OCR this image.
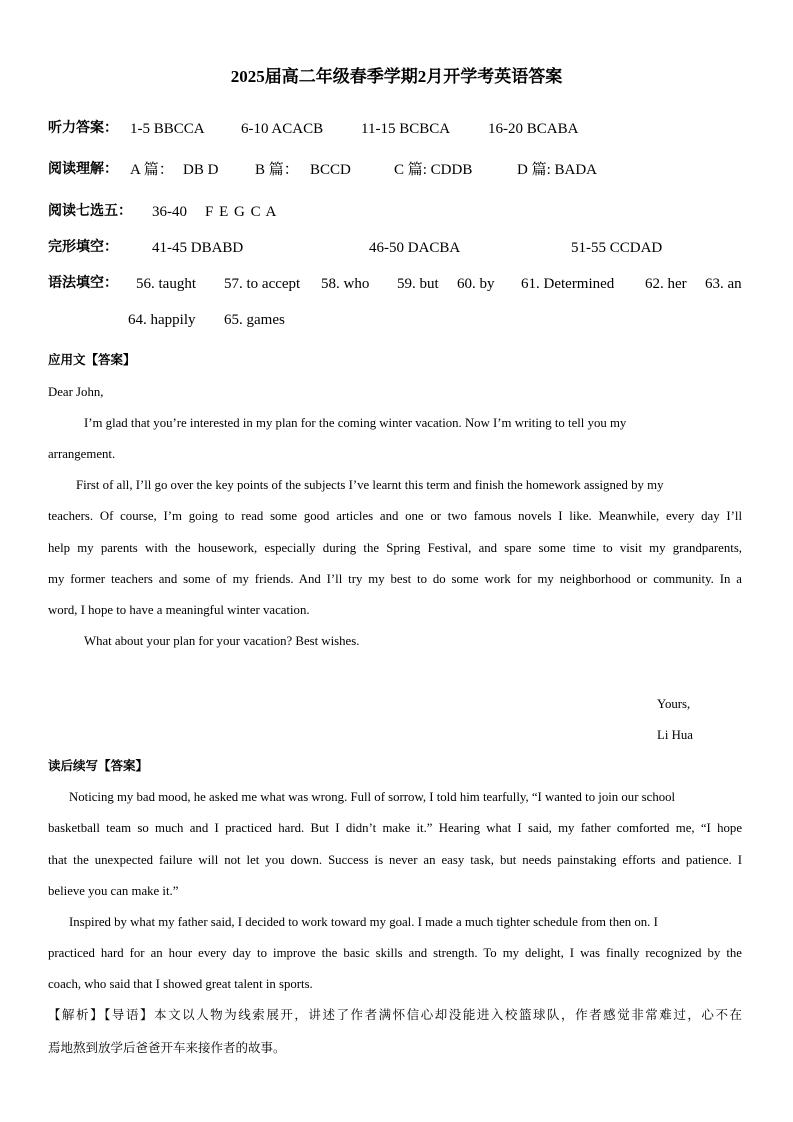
2025届高二年级春季学期2月开学考英语答案
听力答案： 1-5 BBCCA 6-10 ACACB	11-15 BCBCA	16-20 BCABA
阅读理解： A 篇： DB D B 篇： BCCD	C 篇: CDDB	D 篇: BADA
阅读七选五： 36-40 F E G C A
完形填空： 41-45 DBABD	46-50 DACBA	51-55 CCDAD
语法填空： 56. taught 57. to accept 58. who 59. but 60. by 61. Determined 62. her 63. an
64. happily 65. games
应用文【答案】
Dear John,
I’m glad that you’re interested in my plan for the coming winter vacation. Now I’m writing to tell you my
arrangement.
First of all, I’ll go over the key points of the subjects I’ve learnt this term and finish the homework assigned by my
teachers. Of course, I’m going to read some good articles and one or two famous novels I like. Meanwhile, every day I’ll
help my parents with the housework, especially during the Spring Festival, and spare some time to visit my grandparents,
my former teachers and some of my friends. And I’ll try my best to do some work for my neighborhood or community. In a
word, I hope to have a meaningful winter vacation.
What about your plan for your vacation? Best wishes.
Yours,
Li Hua
读后续写【答案】
Noticing my bad mood, he asked me what was wrong. Full of sorrow, I told him tearfully, “I wanted to join our school
basketball team so much and I practiced hard. But I didn’t make it.” Hearing what I said, my father comforted me, “I hope
that the unexpected failure will not let you down. Success is never an easy task, but needs painstaking efforts and patience. I
believe you can make it.”
Inspired by what my father said, I decided to work toward my goal. I made a much tighter schedule from then on. I
practiced hard for an hour every day to improve the basic skills and strength. To my delight, I was finally recognized by the
coach, who said that I showed great talent in sports.
【解析】【导语】本文以人物为线索展开，讲述了作者满怀信心却没能进入校篮球队，作者感觉非常难过，心不在
焉地熬到放学后爸爸开车来接作者的故事。
